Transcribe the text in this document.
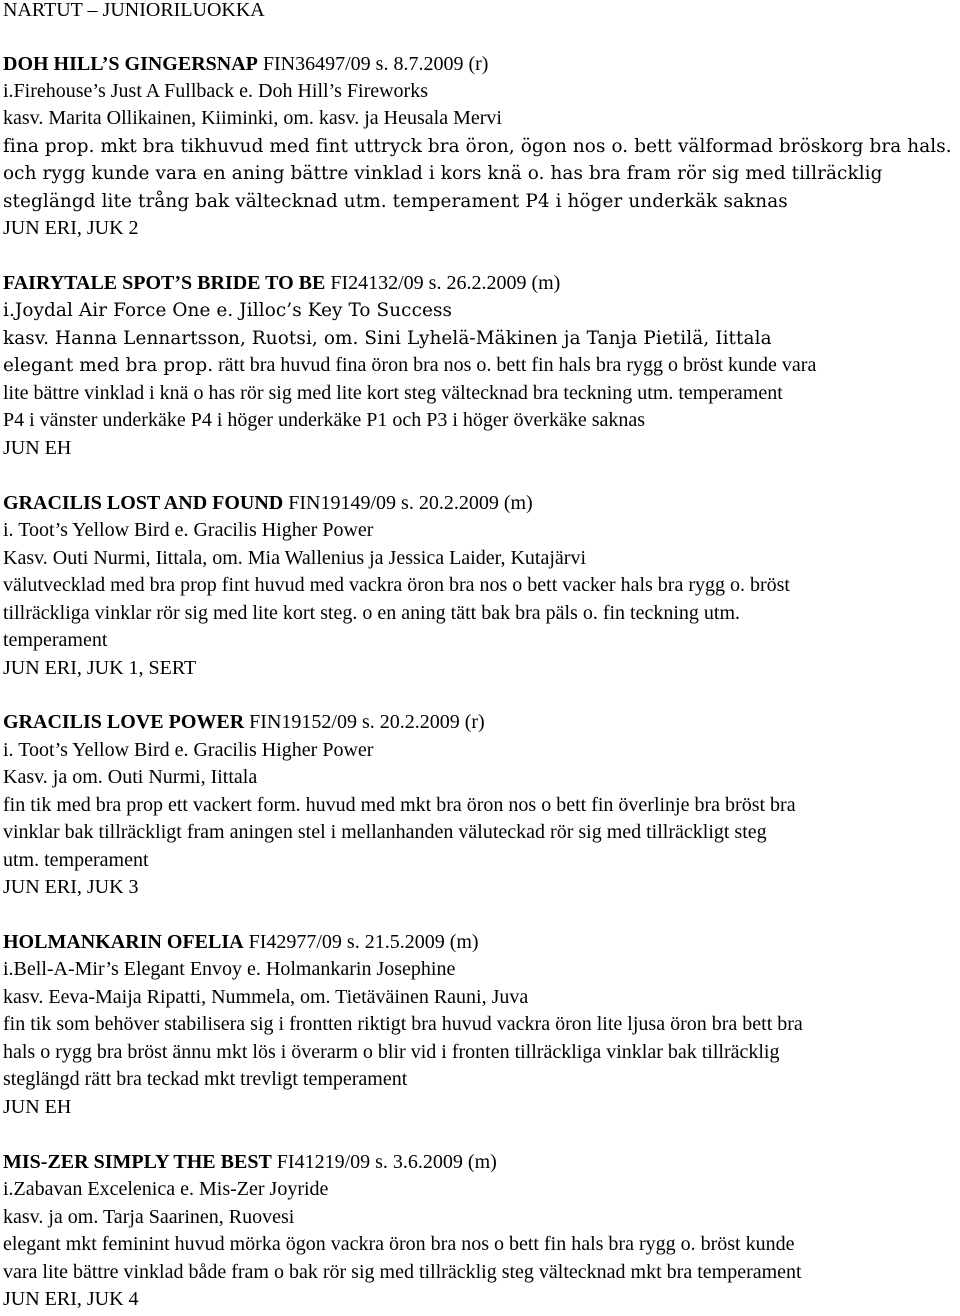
NARTUT – JUNIORILUOKKA
DOH HILL’S GINGERSNAP FIN36497/09 s. 8.7.2009 (r)
i.Firehouse’s Just A Fullback e. Doh Hill’s Fireworks
kasv. Marita Ollikainen, Kiiminki, om. kasv. ja Heusala Mervi
fina prop. mkt bra tikhuvud med fint uttryck bra öron, ögon nos o. bett välformad bröskorg bra hals.
och rygg kunde vara en aning bättre vinklad i kors knä o. has bra fram rör sig med tillräcklig
steglängd lite trång bak vältecknad utm. temperament P4 i höger underkäk saknas
JUN ERI, JUK 2
FAIRYTALE SPOT’S BRIDE TO BE FI24132/09 s. 26.2.2009 (m)
i.Joydal Air Force One e. Jilloc’s Key To Success
kasv. Hanna Lennartsson, Ruotsi, om. Sini Lyhelä-Mäkinen ja Tanja Pietilä, Iittala
elegant med bra prop. rätt bra huvud fina öron bra nos o. bett fin hals bra rygg o bröst kunde vara
lite bättre vinklad i knä o has rör sig med lite kort steg vältecknad bra teckning utm. temperament
P4 i vänster underkäke P4 i höger underkäke P1 och P3 i höger överkäke saknas
JUN EH
GRACILIS LOST AND FOUND FIN19149/09 s. 20.2.2009 (m)
i. Toot’s Yellow Bird e. Gracilis Higher Power
Kasv. Outi Nurmi, Iittala, om. Mia Wallenius ja Jessica Laider, Kutajärvi
välutvecklad med bra prop fint huvud med vackra öron bra nos o bett vacker hals bra rygg o. bröst
tillräckliga vinklar rör sig med lite kort steg. o en aning tätt bak bra päls o. fin teckning utm.
temperament
JUN ERI, JUK 1, SERT
GRACILIS LOVE POWER FIN19152/09 s. 20.2.2009 (r)
i. Toot’s Yellow Bird e. Gracilis Higher Power
Kasv. ja om. Outi Nurmi, Iittala
fin tik med bra prop ett vackert form. huvud med mkt bra öron nos o bett fin överlinje bra bröst bra
vinklar bak tillräckligt fram aningen stel i mellanhanden väluteckad rör sig med tillräckligt steg
utm. temperament
JUN ERI, JUK 3
HOLMANKARIN OFELIA FI42977/09 s. 21.5.2009 (m)
i.Bell-A-Mir’s Elegant Envoy e. Holmankarin Josephine
kasv. Eeva-Maija Ripatti, Nummela, om. Tietäväinen Rauni, Juva
fin tik som behöver stabilisera sig i frontten riktigt bra huvud vackra öron lite ljusa öron bra bett bra
hals o rygg bra bröst ännu mkt lös i överarm o blir vid i fronten tillräckliga vinklar bak tillräcklig
steglängd rätt bra teckad mkt trevligt temperament
JUN EH
MIS-ZER SIMPLY THE BEST FI41219/09 s. 3.6.2009 (m)
i.Zabavan Excelenica e. Mis-Zer Joyride
kasv. ja om. Tarja Saarinen, Ruovesi
elegant mkt feminint huvud mörka ögon vackra öron bra nos o bett fin hals bra rygg o. bröst kunde
vara lite bättre vinklad både fram o bak rör sig med tillräcklig steg vältecknad mkt bra temperament
JUN ERI, JUK 4
